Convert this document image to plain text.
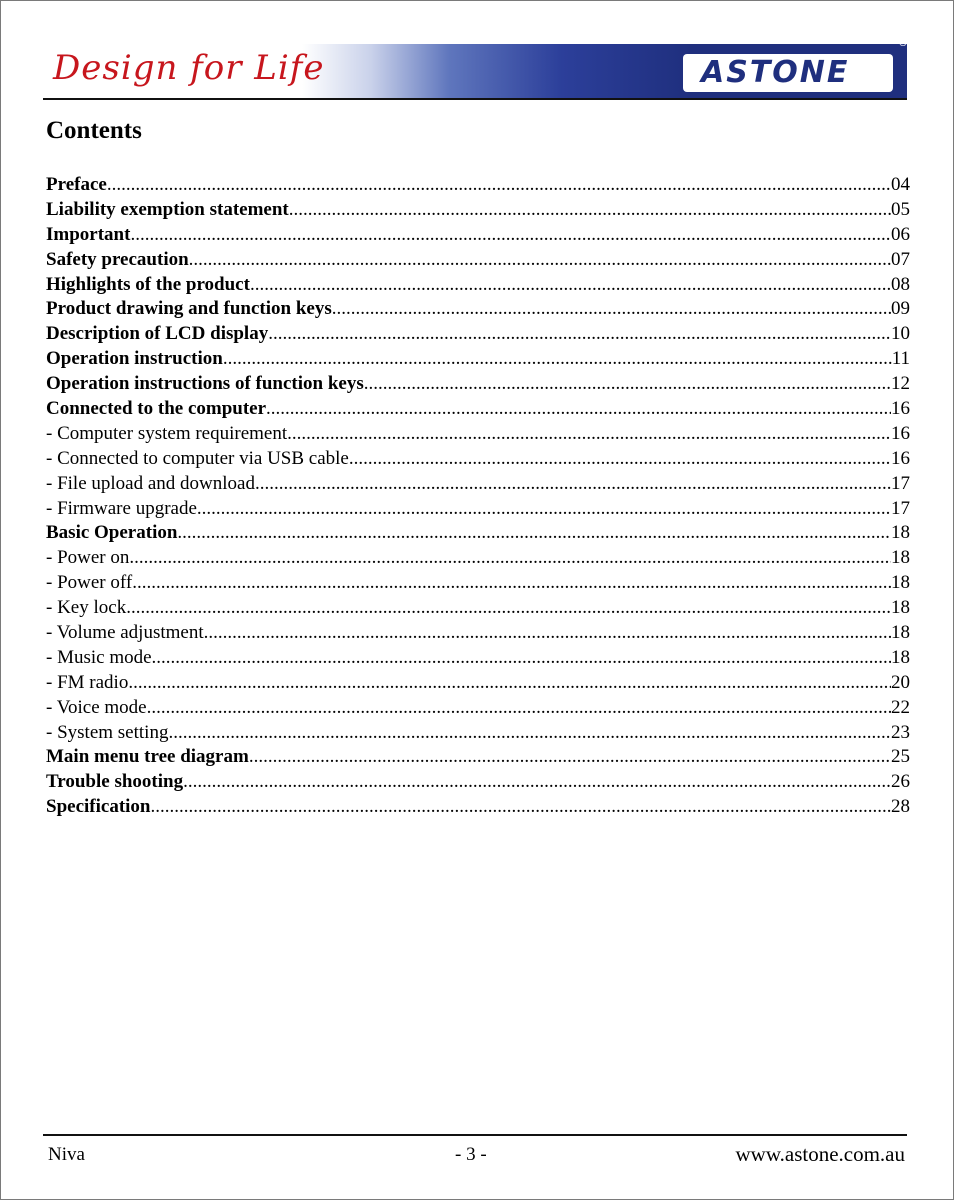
Design for Life	ASTONE
®
Contents
Preface .....	04
Liability exemption statement .....	05
Important .....	06
Safety precaution .....	07
Highlights of the product .....	08
Product drawing and function keys .....	09
Description of LCD display .....	10
Operation instruction .....	11
Operation instructions of function keys .....	12
Connected to the computer .....	16
- Computer system requirement .....	16
- Connected to computer via USB cable .....	16
- File upload and download .....	17
- Firmware upgrade .....	17
Basic Operation .....	18
- Power on .....	18
- Power off .....	18
- Key lock .....	18
- Volume adjustment .....	18
- Music mode .....	18
- FM radio .....	20
- Voice mode .....	22
- System setting .....	23
Main menu tree diagram .....	25
Trouble shooting .....	26
Specification .....	28
Niva	- 3 -	www.astone.com.au
